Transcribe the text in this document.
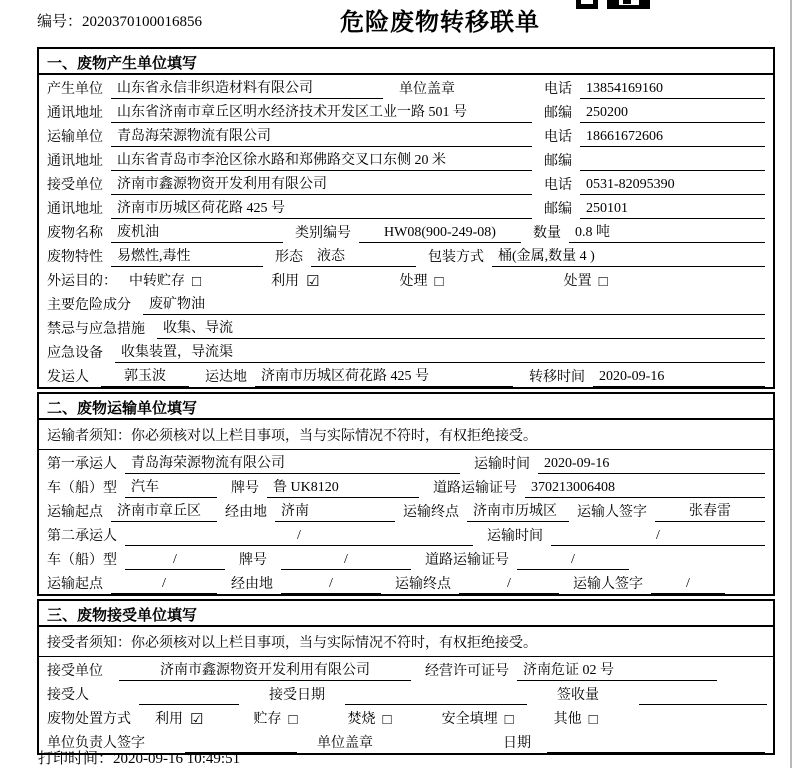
编号：2020370100016856	危险废物转移联单
一、废物产生单位填写
产生单位	山东省永信非织造材料有限公司	单位盖章	电话	13854169160
通讯地址	山东省济南市章丘区明水经济技术开发区工业一路 501 号	邮编	250200
运输单位	青岛海荣源物流有限公司	电话	18661672606
通讯地址	山东省青岛市李沧区徐水路和郑佛路交叉口东侧 20 米	邮编
接受单位	济南市鑫源物资开发利用有限公司	电话	0531-82095390
通讯地址	济南市历城区荷花路 425 号	邮编	250101
废物名称	废机油	类别编号	HW08(900-249-08)	数量	0.8 吨
废物特性	易燃性,毒性	形态	液态	包装方式	桶(金属,数量 4 )
外运目的： 中转贮存 □	利用 ☑	处理 □	处置 □
主要危险成分	废矿物油
禁忌与应急措施	收集、导流
应急设备	收集装置，导流渠
发运人	郭玉波	运达地	济南市历城区荷花路 425 号	转移时间	2020-09-16
二、废物运输单位填写
运输者须知：你必须核对以上栏目事项，当与实际情况不符时，有权拒绝接受。
第一承运人	青岛海荣源物流有限公司	运输时间	2020-09-16
车（船）型	汽车	牌号	鲁 UK8120	道路运输证号	370213006408
运输起点	济南市章丘区	经由地	济南	运输终点	济南市历城区	运输人签字	张春雷
第二承运人	/	运输时间	/
车（船）型	/	牌号	/	道路运输证号	/
运输起点	/	经由地	/	运输终点	/	运输人签字	/
三、废物接受单位填写
接受者须知：你必须核对以上栏目事项，当与实际情况不符时，有权拒绝接受。
接受单位	济南市鑫源物资开发利用有限公司	经营许可证号	济南危证 02 号
接受人	接受日期	签收量
废物处置方式 利用 ☑	贮存 □	焚烧 □	安全填埋 □	其他 □
单位负责人签字	单位盖章	日期
打印时间：2020-09-16 10:49:51
